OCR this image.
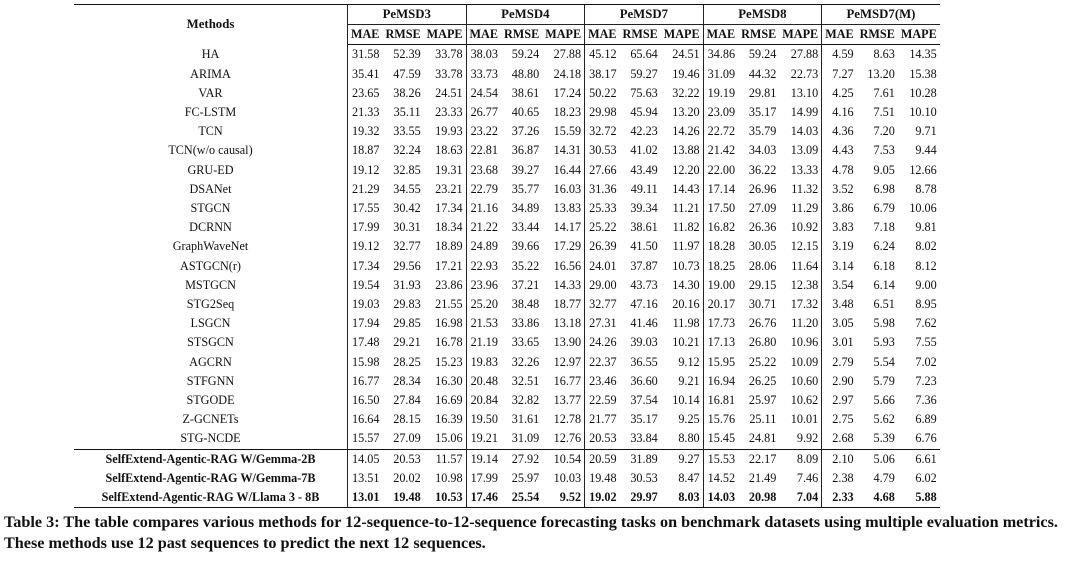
Methods	PeMSD3			PeMSD4			PeMSD7			PeMSD8			PeMSD7(M)		
	MAE	RMSE	MAPE	MAE	RMSE	MAPE	MAE	RMSE	MAPE	MAE	RMSE	MAPE	MAE	RMSE	MAPE
HA	31.58	52.39	33.78	38.03	59.24	27.88	45.12	65.64	24.51	34.86	59.24	27.88	4.59	8.63	14.35
ARIMA	35.41	47.59	33.78	33.73	48.80	24.18	38.17	59.27	19.46	31.09	44.32	22.73	7.27	13.20	15.38
VAR	23.65	38.26	24.51	24.54	38.61	17.24	50.22	75.63	32.22	19.19	29.81	13.10	4.25	7.61	10.28
FC-LSTM	21.33	35.11	23.33	26.77	40.65	18.23	29.98	45.94	13.20	23.09	35.17	14.99	4.16	7.51	10.10
TCN	19.32	33.55	19.93	23.22	37.26	15.59	32.72	42.23	14.26	22.72	35.79	14.03	4.36	7.20	9.71
TCN(w/o causal)	18.87	32.24	18.63	22.81	36.87	14.31	30.53	41.02	13.88	21.42	34.03	13.09	4.43	7.53	9.44
GRU-ED	19.12	32.85	19.31	23.68	39.27	16.44	27.66	43.49	12.20	22.00	36.22	13.33	4.78	9.05	12.66
DSANet	21.29	34.55	23.21	22.79	35.77	16.03	31.36	49.11	14.43	17.14	26.96	11.32	3.52	6.98	8.78
STGCN	17.55	30.42	17.34	21.16	34.89	13.83	25.33	39.34	11.21	17.50	27.09	11.29	3.86	6.79	10.06
DCRNN	17.99	30.31	18.34	21.22	33.44	14.17	25.22	38.61	11.82	16.82	26.36	10.92	3.83	7.18	9.81
GraphWaveNet	19.12	32.77	18.89	24.89	39.66	17.29	26.39	41.50	11.97	18.28	30.05	12.15	3.19	6.24	8.02
ASTGCN(r)	17.34	29.56	17.21	22.93	35.22	16.56	24.01	37.87	10.73	18.25	28.06	11.64	3.14	6.18	8.12
MSTGCN	19.54	31.93	23.86	23.96	37.21	14.33	29.00	43.73	14.30	19.00	29.15	12.38	3.54	6.14	9.00
STG2Seq	19.03	29.83	21.55	25.20	38.48	18.77	32.77	47.16	20.16	20.17	30.71	17.32	3.48	6.51	8.95
LSGCN	17.94	29.85	16.98	21.53	33.86	13.18	27.31	41.46	11.98	17.73	26.76	11.20	3.05	5.98	7.62
STSGCN	17.48	29.21	16.78	21.19	33.65	13.90	24.26	39.03	10.21	17.13	26.80	10.96	3.01	5.93	7.55
AGCRN	15.98	28.25	15.23	19.83	32.26	12.97	22.37	36.55	9.12	15.95	25.22	10.09	2.79	5.54	7.02
STFGNN	16.77	28.34	16.30	20.48	32.51	16.77	23.46	36.60	9.21	16.94	26.25	10.60	2.90	5.79	7.23
STGODE	16.50	27.84	16.69	20.84	32.82	13.77	22.59	37.54	10.14	16.81	25.97	10.62	2.97	5.66	7.36
Z-GCNETs	16.64	28.15	16.39	19.50	31.61	12.78	21.77	35.17	9.25	15.76	25.11	10.01	2.75	5.62	6.89
STG-NCDE	15.57	27.09	15.06	19.21	31.09	12.76	20.53	33.84	8.80	15.45	24.81	9.92	2.68	5.39	6.76
SelfExtend-Agentic-RAG W/Gemma-2B	14.05	20.53	11.57	19.14	27.92	10.54	20.59	31.89	9.27	15.53	22.17	8.09	2.10	5.06	6.61
SelfExtend-Agentic-RAG W/Gemma-7B	13.51	20.02	10.98	17.99	25.97	10.03	19.48	30.53	8.47	14.52	21.49	7.46	2.38	4.79	6.02
SelfExtend-Agentic-RAG W/Llama 3 - 8B	13.01	19.48	10.53	17.46	25.54	9.52	19.02	29.97	8.03	14.03	20.98	7.04	2.33	4.68	5.88
Table 3: The table compares various methods for 12-sequence-to-12-sequence forecasting tasks on benchmark datasets using multiple evaluation metrics. These methods use 12 past sequences to predict the next 12 sequences.
